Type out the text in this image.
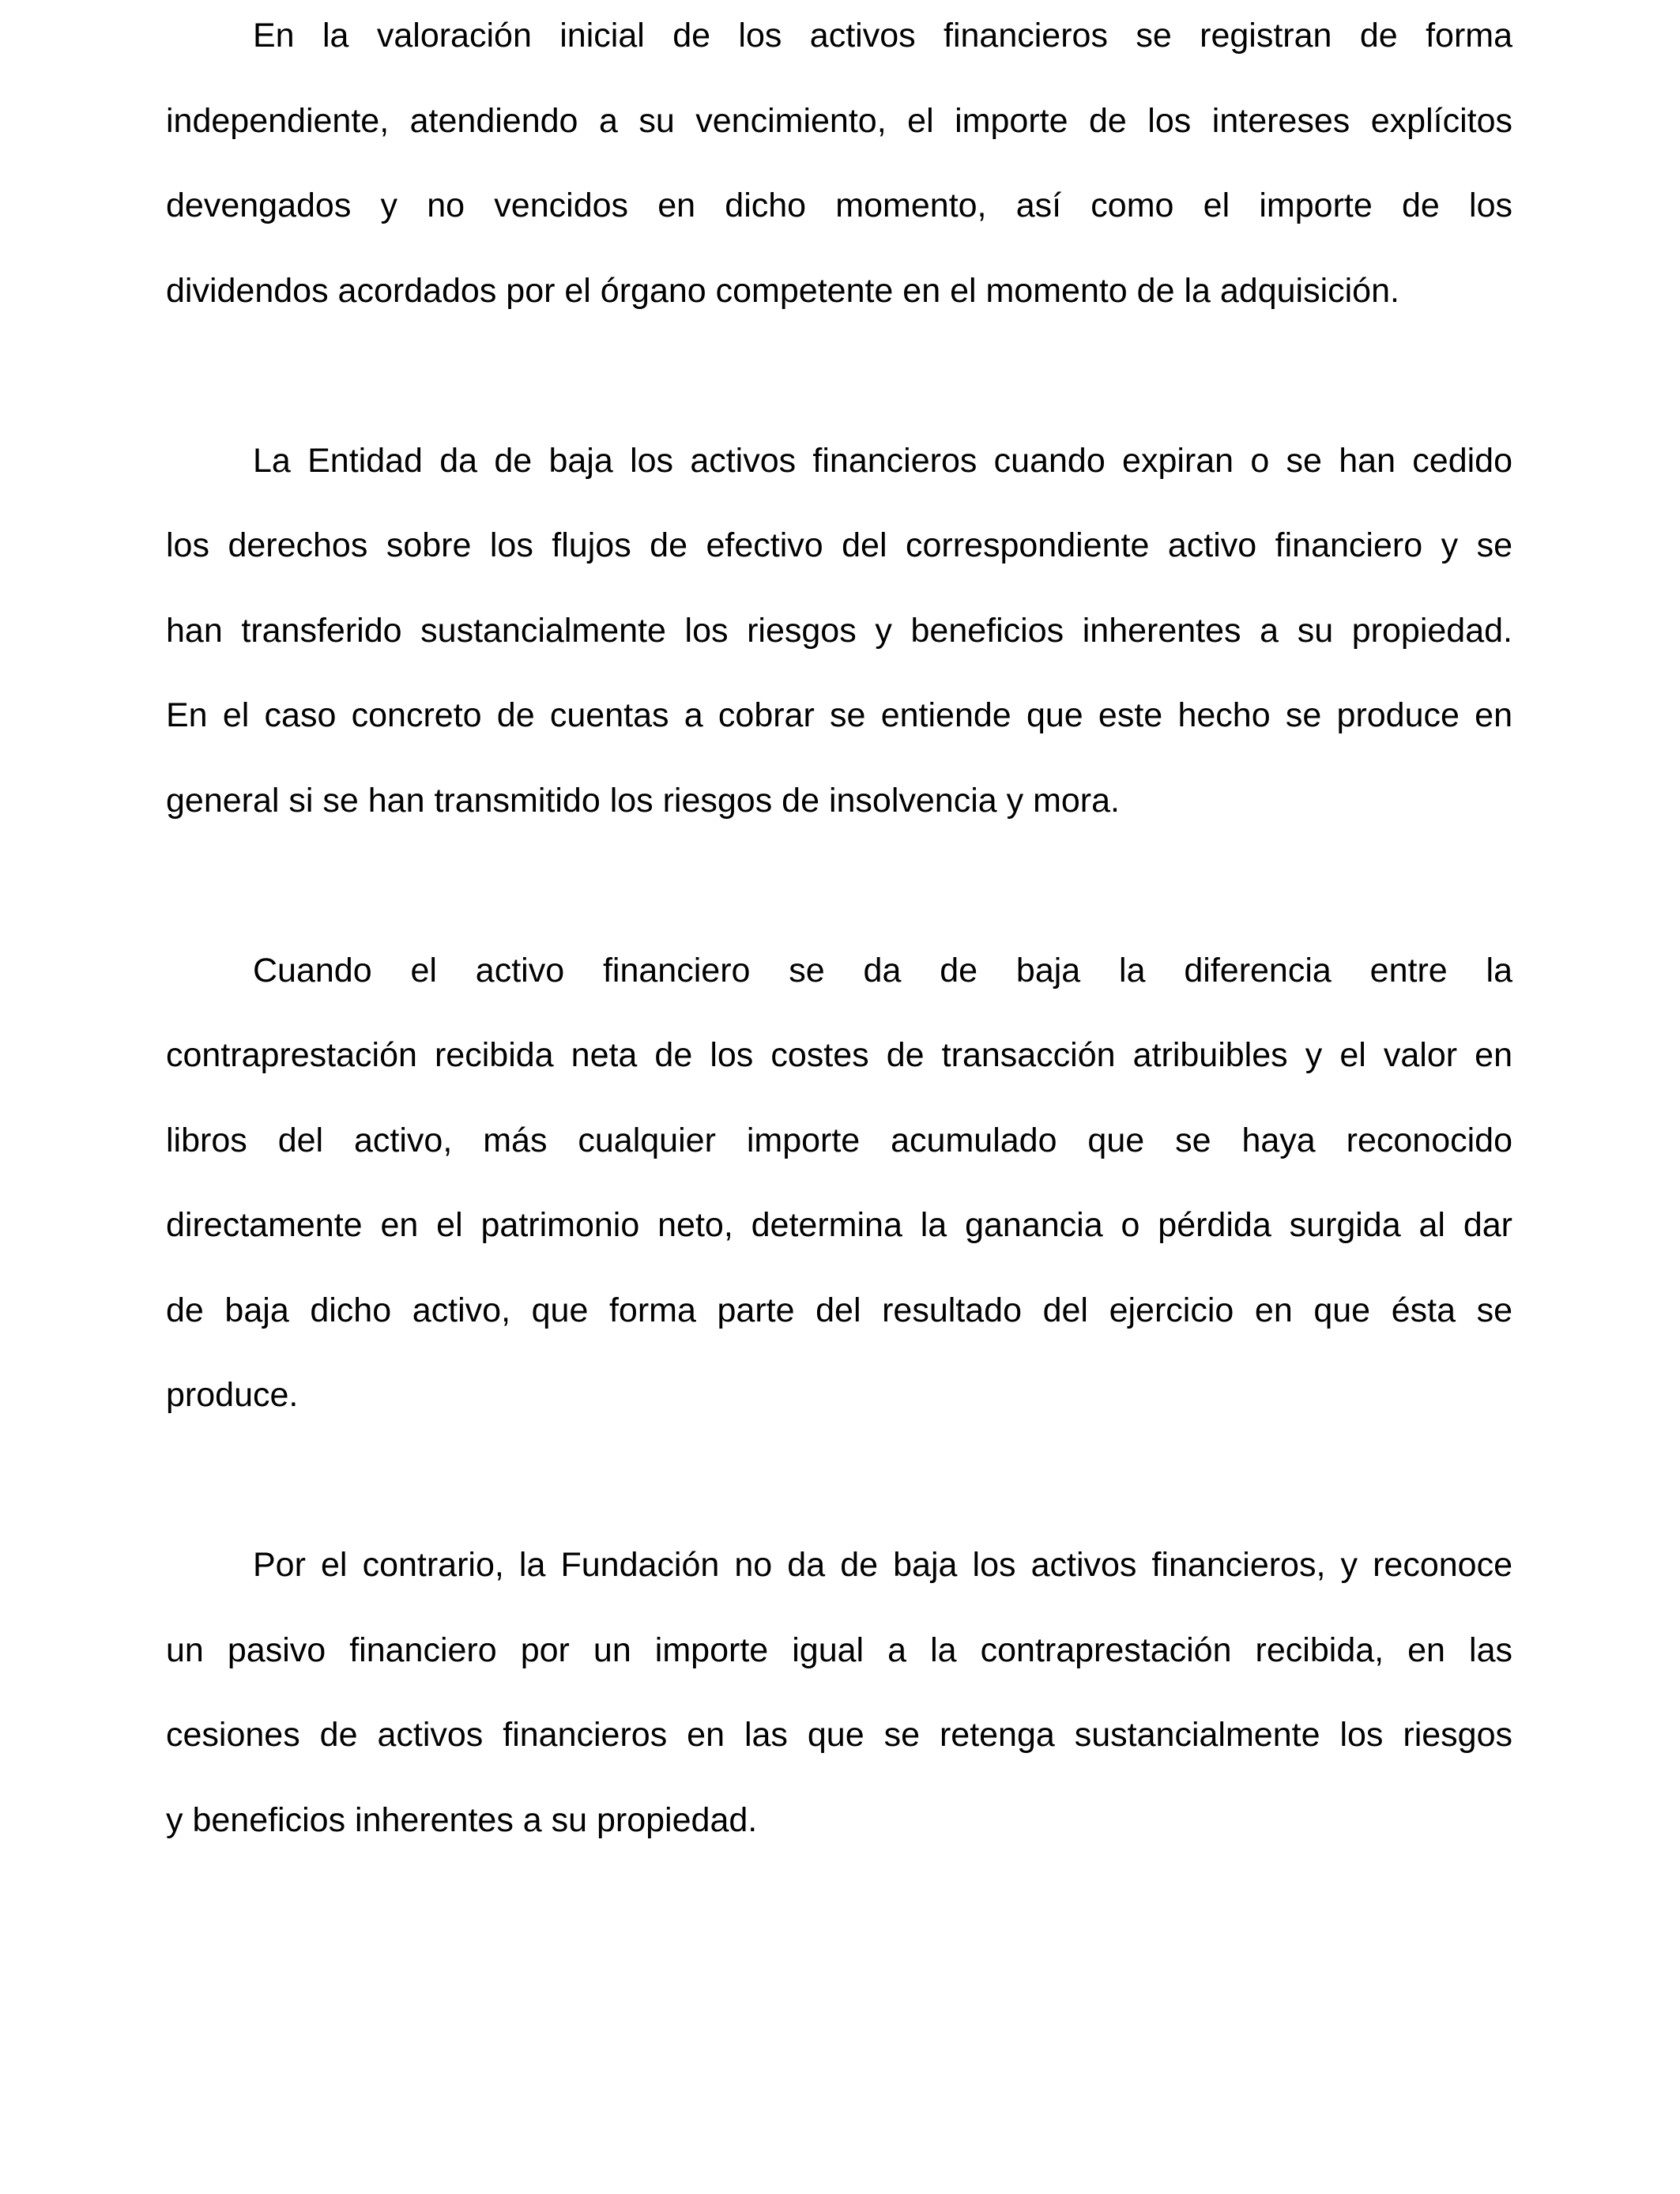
En la valoración inicial de los activos financieros se registran de forma
independiente, atendiendo a su vencimiento, el importe de los intereses explícitos
devengados y no vencidos en dicho momento, así como el importe de los
dividendos acordados por el órgano competente en el momento de la adquisición.
La Entidad da de baja los activos financieros cuando expiran o se han cedido
los derechos sobre los flujos de efectivo del correspondiente activo financiero y se
han transferido sustancialmente los riesgos y beneficios inherentes a su propiedad.
En el caso concreto de cuentas a cobrar se entiende que este hecho se produce en
general si se han transmitido los riesgos de insolvencia y mora.
Cuando el activo financiero se da de baja la diferencia entre la
contraprestación recibida neta de los costes de transacción atribuibles y el valor en
libros del activo, más cualquier importe acumulado que se haya reconocido
directamente en el patrimonio neto, determina la ganancia o pérdida surgida al dar
de baja dicho activo, que forma parte del resultado del ejercicio en que ésta se
produce.
Por el contrario, la Fundación no da de baja los activos financieros, y reconoce
un pasivo financiero por un importe igual a la contraprestación recibida, en las
cesiones de activos financieros en las que se retenga sustancialmente los riesgos
y beneficios inherentes a su propiedad.
